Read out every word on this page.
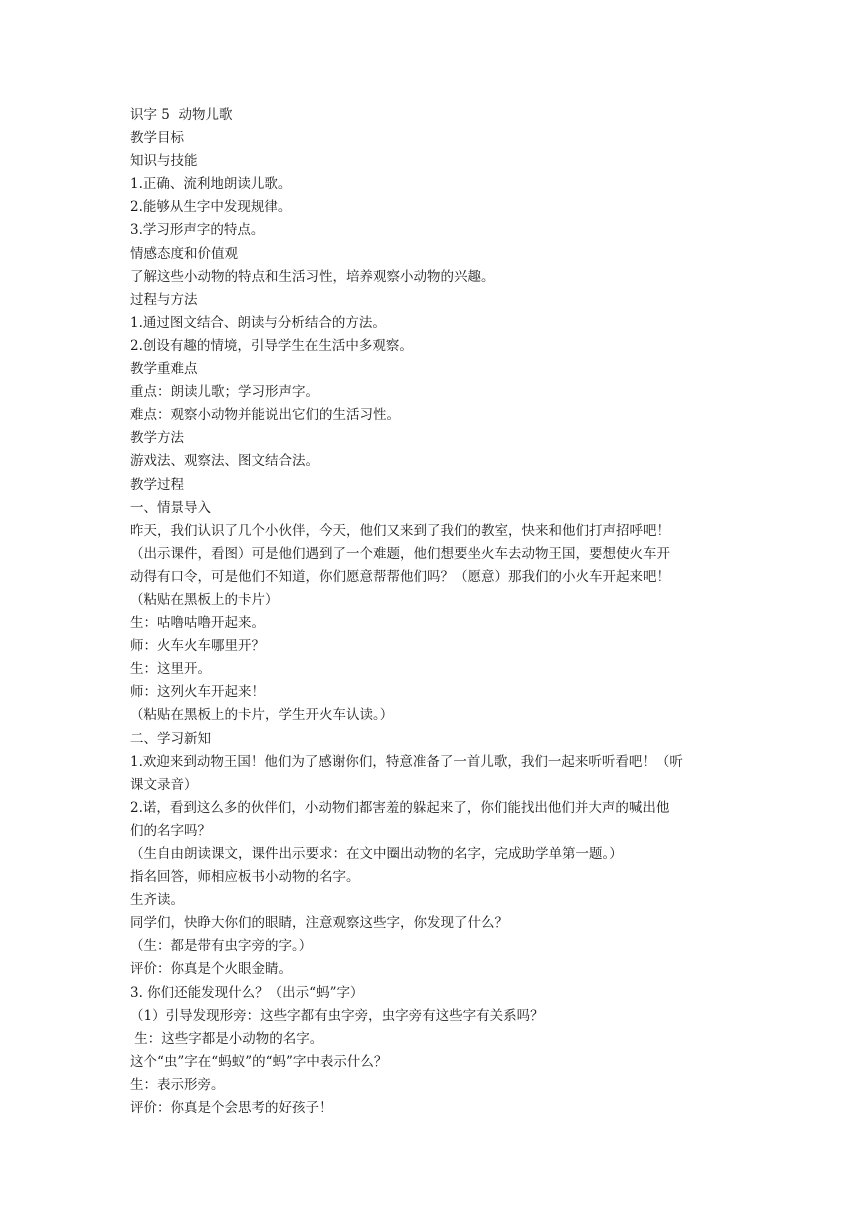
识字 5  动物儿歌

教学目标

知识与技能

1.正确、流利地朗读儿歌。

2.能够从生字中发现规律。

3.学习形声字的特点。

情感态度和价值观

了解这些小动物的特点和生活习性，培养观察小动物的兴趣。

过程与方法

1.通过图文结合、朗读与分析结合的方法。

2.创设有趣的情境，引导学生在生活中多观察。

教学重难点

重点：朗读儿歌；学习形声字。

难点：观察小动物并能说出它们的生活习性。

教学方法

游戏法、观察法、图文结合法。

教学过程

一、情景导入

昨天，我们认识了几个小伙伴，今天，他们又来到了我们的教室，快来和他们打声招呼吧！

（出示课件，看图）可是他们遇到了一个难题，他们想要坐火车去动物王国，要想使火车开

动得有口令，可是他们不知道，你们愿意帮帮他们吗？（愿意）那我们的小火车开起来吧！

（粘贴在黑板上的卡片）

生：咕噜咕噜开起来。

师：火车火车哪里开？

生：这里开。

师：这列火车开起来！

（粘贴在黑板上的卡片，学生开火车认读。）

二、学习新知

1.欢迎来到动物王国！他们为了感谢你们，特意准备了一首儿歌，我们一起来听听看吧！（听

课文录音）

2.诺，看到这么多的伙伴们，小动物们都害羞的躲起来了，你们能找出他们并大声的喊出他

们的名字吗？

（生自由朗读课文，课件出示要求：在文中圈出动物的名字，完成助学单第一题。）

指名回答，师相应板书小动物的名字。

生齐读。

同学们，快睁大你们的眼睛，注意观察这些字，你发现了什么？

（生：都是带有虫字旁的字。）

评价：你真是个火眼金睛。

3. 你们还能发现什么？（出示“蚂”字）

（1）引导发现形旁：这些字都有虫字旁，虫字旁有这些字有关系吗？

生：这些字都是小动物的名字。

这个“虫”字在“蚂蚁”的“蚂”字中表示什么？

生：表示形旁。

评价：你真是个会思考的好孩子！
